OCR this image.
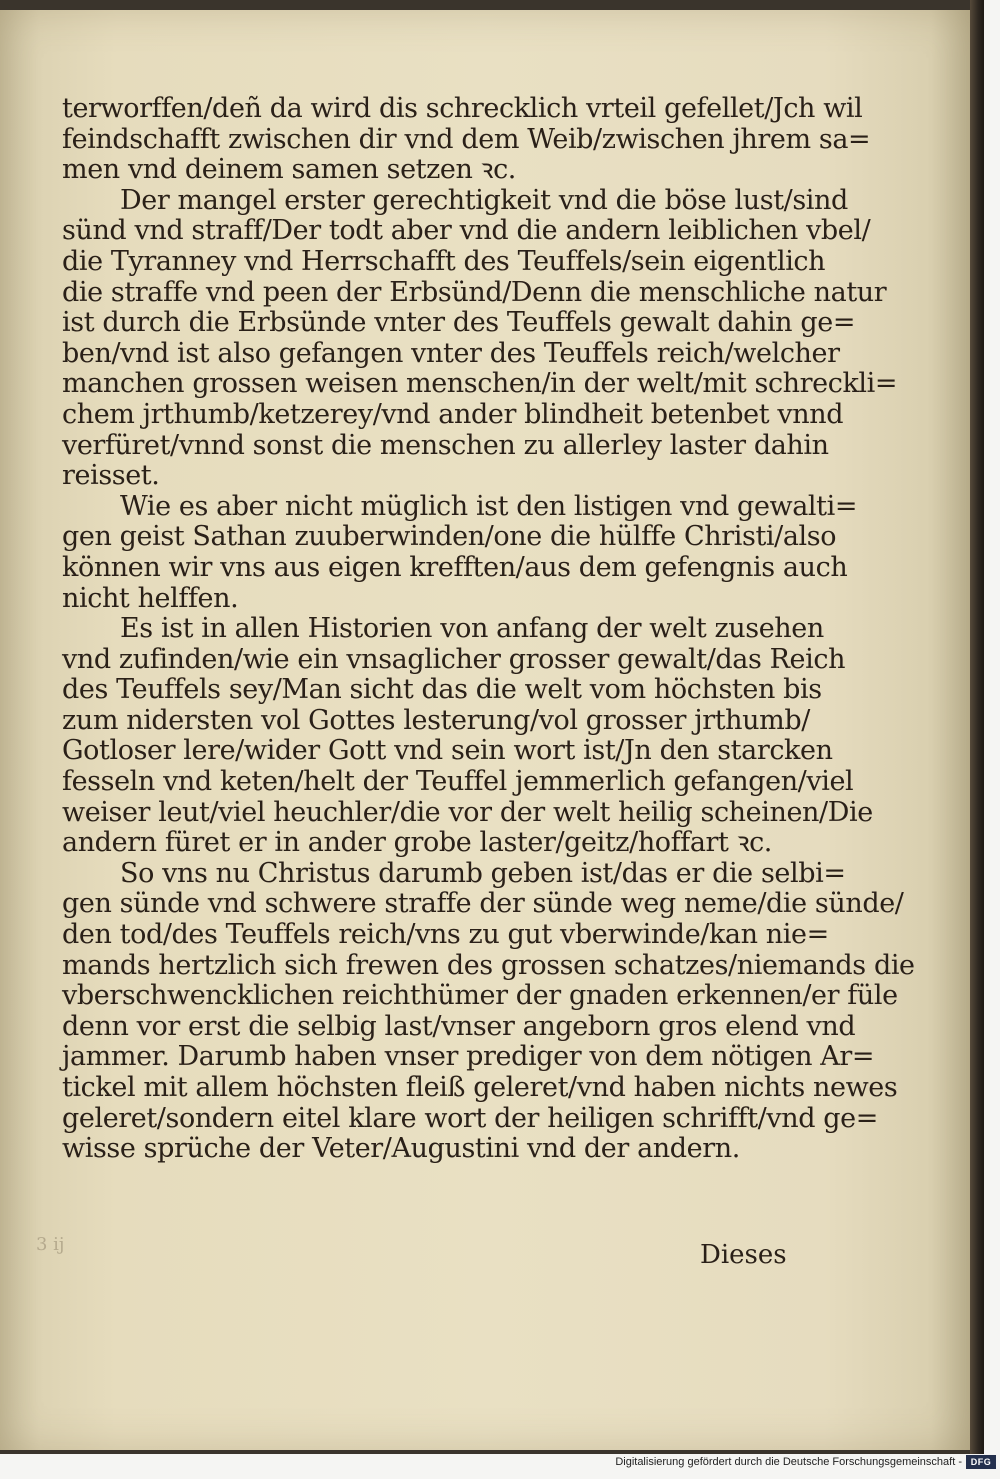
terworffen/deñ da wird dis schrecklich vrteil gefellet/Jch wil
feindschafft zwischen dir vnd dem Weib/zwischen jhrem sa=
men vnd deinem samen setzen ꝛc.
Der mangel erster gerechtigkeit vnd die böse lust/sind
sünd vnd straff/Der todt aber vnd die andern leiblichen vbel/
die Tyranney vnd Herrschafft des Teuffels/sein eigentlich
die straffe vnd peen der Erbsünd/Denn die menschliche natur
ist durch die Erbsünde vnter des Teuffels gewalt dahin ge=
ben/vnd ist also gefangen vnter des Teuffels reich/welcher
manchen grossen weisen menschen/in der welt/mit schreckli=
chem jrthumb/ketzerey/vnd ander blindheit betenbet vnnd
verfüret/vnnd sonst die menschen zu allerley laster dahin
reisset.
Wie es aber nicht müglich ist den listigen vnd gewalti=
gen geist Sathan zuuberwinden/one die hülffe Christi/also
können wir vns aus eigen krefften/aus dem gefengnis auch
nicht helffen.
Es ist in allen Historien von anfang der welt zusehen
vnd zufinden/wie ein vnsaglicher grosser gewalt/das Reich
des Teuffels sey/Man sicht das die welt vom höchsten bis
zum nidersten vol Gottes lesterung/vol grosser jrthumb/
Gotloser lere/wider Gott vnd sein wort ist/Jn den starcken
fesseln vnd keten/helt der Teuffel jemmerlich gefangen/viel
weiser leut/viel heuchler/die vor der welt heilig scheinen/Die
andern füret er in ander grobe laster/geitz/hoffart ꝛc.
So vns nu Christus darumb geben ist/das er die selbi=
gen sünde vnd schwere straffe der sünde weg neme/die sünde/
den tod/des Teuffels reich/vns zu gut vberwinde/kan nie=
mands hertzlich sich frewen des grossen schatzes/niemands die
vberschwencklichen reichthümer der gnaden erkennen/er füle
denn vor erst die selbig last/vnser angeborn gros elend vnd
jammer. Darumb haben vnser prediger von dem nötigen Ar=
tickel mit allem höchsten fleiß geleret/vnd haben nichts newes
geleret/sondern eitel klare wort der heiligen schrifft/vnd ge=
wisse sprüche der Veter/Augustini vnd der andern.
3 ij	Dieses
Digitalisierung gefördert durch die Deutsche Forschungsgemeinschaft - DFG
